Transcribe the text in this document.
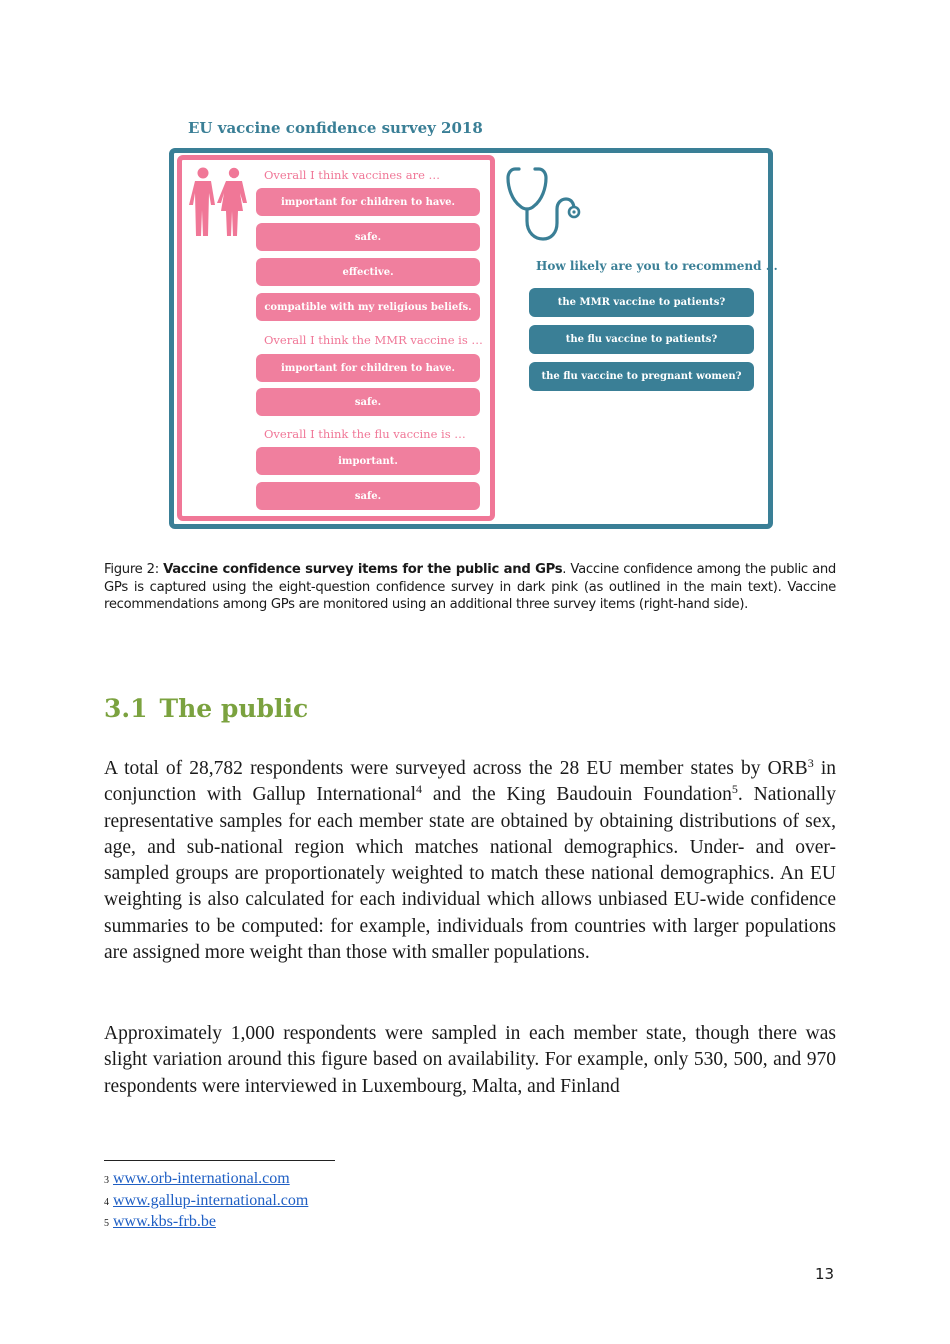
EU vaccine confidence survey 2018
Overall I think vaccines are …
important for children to have.
safe.
effective.
compatible with my religious beliefs.
Overall I think the MMR vaccine is …
important for children to have.
safe.
Overall I think the flu vaccine is …
important.
safe.
How likely are you to recommend …
the MMR vaccine to patients?
the flu vaccine to patients?
the flu vaccine to pregnant women?
Figure 2: Vaccine confidence survey items for the public and GPs. Vaccine confidence among the public and GPs is captured using the eight-question confidence survey in dark pink (as outlined in the main text). Vaccine recommendations among GPs are monitored using an additional three survey items (right-hand side).
3.1 The public

A total of 28,782 respondents were surveyed across the 28 EU member states by ORB$^3$ in conjunction with Gallup International$^4$ and the King Baudouin Foundation$^5$. Nationally representative samples for each member state are obtained by obtaining distributions of sex, age, and sub-national region which matches national demographics. Under- and over-sampled groups are proportionately weighted to match these national demographics. An EU weighting is also calculated for each individual which allows unbiased EU-wide confidence summaries to be computed: for example, individuals from countries with larger populations are assigned more weight than those with smaller populations.

Approximately 1,000 respondents were sampled in each member state, though there was slight variation around this figure based on availability. For example, only 530, 500, and 970 respondents were interviewed in Luxembourg, Malta, and Finland

3 www.orb-international.com
4 www.gallup-international.com
5 www.kbs-frb.be
13
